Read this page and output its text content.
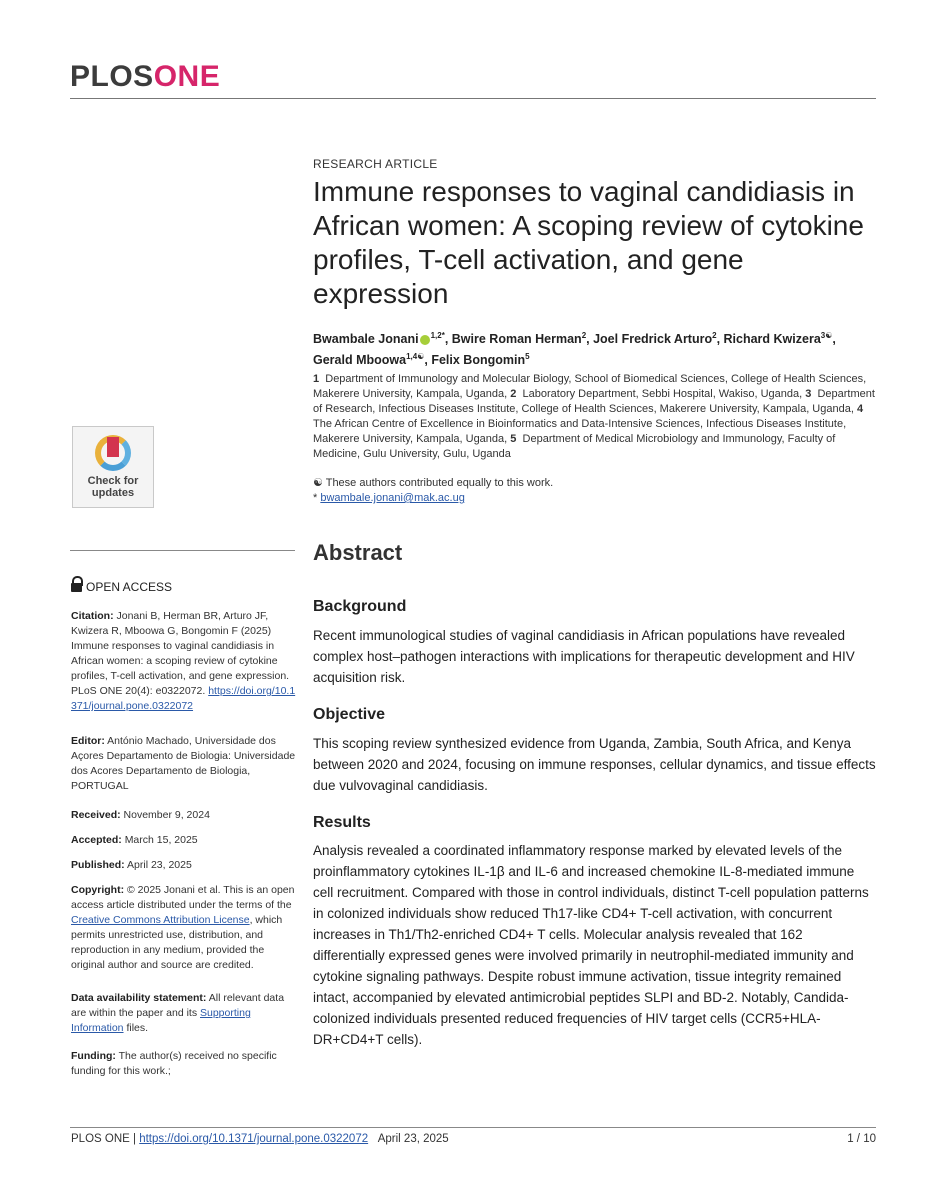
PLOSONE
RESEARCH ARTICLE
Immune responses to vaginal candidiasis in African women: A scoping review of cytokine profiles, T-cell activation, and gene expression
Bwambale Jonani $^{1,2*}$, Bwire Roman Herman$^2$, Joel Fredrick Arturo$^2$, Richard Kwizera$^{3☯}$,
Gerald Mboowa$^{1,4☯}$, Felix Bongomin$^5$
1 Department of Immunology and Molecular Biology, School of Biomedical Sciences, College of Health Sciences, Makerere University, Kampala, Uganda, 2 Laboratory Department, Sebbi Hospital, Wakiso, Uganda, 3 Department of Research, Infectious Diseases Institute, College of Health Sciences, Makerere University, Kampala, Uganda, 4  The African Centre of Excellence in Bioinformatics and Data-Intensive Sciences, Infectious Diseases Institute, Makerere University, Kampala, Uganda, 5 Department of Medical Microbiology and Immunology, Faculty of Medicine, Gulu University, Gulu, Uganda
☯ These authors contributed equally to this work.
* bwambale.jonani@mak.ac.ug
Abstract
Background

Recent immunological studies of vaginal candidiasis in African populations have revealed complex host–pathogen interactions with implications for therapeutic development and HIV acquisition risk.

Objective

This scoping review synthesized evidence from Uganda, Zambia, South Africa, and Kenya between 2020 and 2024, focusing on immune responses, cellular dynamics, and tissue effects due vulvovaginal candidiasis.

Results

Analysis revealed a coordinated inflammatory response marked by elevated levels of the proinflammatory cytokines IL-1β and IL-6 and increased chemokine IL-8-mediated immune cell recruitment. Compared with those in control individuals, distinct T-cell population patterns in colonized individuals show reduced Th17-like CD4+ T-cell activation, with concurrent increases in Th1/Th2-enriched CD4+ T cells. Molecular analysis revealed that 162 differentially expressed genes were involved primarily in neutrophil-mediated immunity and cytokine signaling pathways. Despite robust immune activation, tissue integrity remained intact, accompanied by elevated antimicrobial peptides SLPI and BD-2. Notably, Candida-colonized individuals presented reduced frequencies of HIV target cells (CCR5+HLA-DR+CD4+T cells).

Check for
updates
OPEN ACCESS
Citation: Jonani B, Herman BR, Arturo JF, Kwizera R, Mboowa G, Bongomin F (2025) Immune responses to vaginal candidiasis in African women: a scoping review of cytokine profiles, T-cell activation, and gene expression. PLoS ONE 20(4): e0322072. https://doi.org/10.1371/journal.pone.0322072
Editor: António Machado, Universidade dos Açores Departamento de Biologia: Universidade dos Acores Departamento de Biologia, PORTUGAL
Received: November 9, 2024
Accepted: March 15, 2025
Published: April 23, 2025
Copyright: © 2025 Jonani et al. This is an open access article distributed under the terms of the Creative Commons Attribution License, which permits unrestricted use, distribution, and reproduction in any medium, provided the original author and source are credited.
Data availability statement: All relevant data are within the paper and its Supporting Information files.
Funding: The author(s) received no specific funding for this work.;
PLOS ONE | https://doi.org/10.1371/journal.pone.0322072 April 23, 2025	1 / 10
